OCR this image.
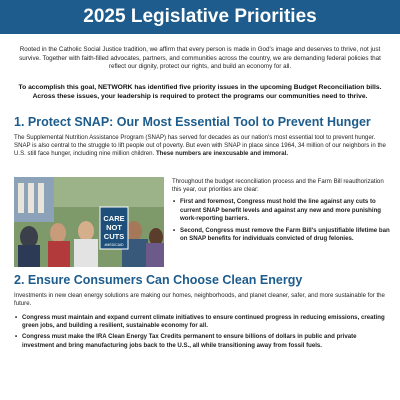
2025 Legislative Priorities
Rooted in the Catholic Social Justice tradition, we affirm that every person is made in God's image and deserves to thrive, not just survive. Together with faith-filled advocates, partners, and communities across the country, we are demanding federal policies that reflect our dignity, protect our rights, and build an economy for all.
To accomplish this goal, NETWORK has identified five priority issues in the upcoming Budget Reconciliation bills. Across these issues, your leadership is required to protect the programs our communities need to thrive.
1. Protect SNAP: Our Most Essential Tool to Prevent Hunger
The Supplemental Nutrition Assistance Program (SNAP) has served for decades as our nation's most essential tool to prevent hunger. SNAP is also central to the struggle to lift people out of poverty. But even with SNAP in place since 1964, 34 million of our neighbors in the U.S. still face hunger, including nine million children. These numbers are inexcusable and immoral.
CARE
NOT
CUTS
#MEDICAID
Throughout the budget reconciliation process and the Farm Bill reauthorization this year, our priorities are clear:
• First and foremost, Congress must hold the line against any cuts to current SNAP benefit levels and against any new and more punishing work-reporting barriers.
• Second, Congress must remove the Farm Bill's unjustifiable lifetime ban on SNAP benefits for individuals convicted of drug felonies.
2. Ensure Consumers Can Choose Clean Energy
Investments in new clean energy solutions are making our homes, neighborhoods, and planet cleaner, safer, and more sustainable for the future.
• Congress must maintain and expand current climate initiatives to ensure continued progress in reducing emissions, creating green jobs, and building a resilient, sustainable economy for all.
• Congress must make the IRA Clean Energy Tax Credits permanent to ensure billions of dollars in public and private investment and bring manufacturing jobs back to the U.S., all while transitioning away from fossil fuels.
